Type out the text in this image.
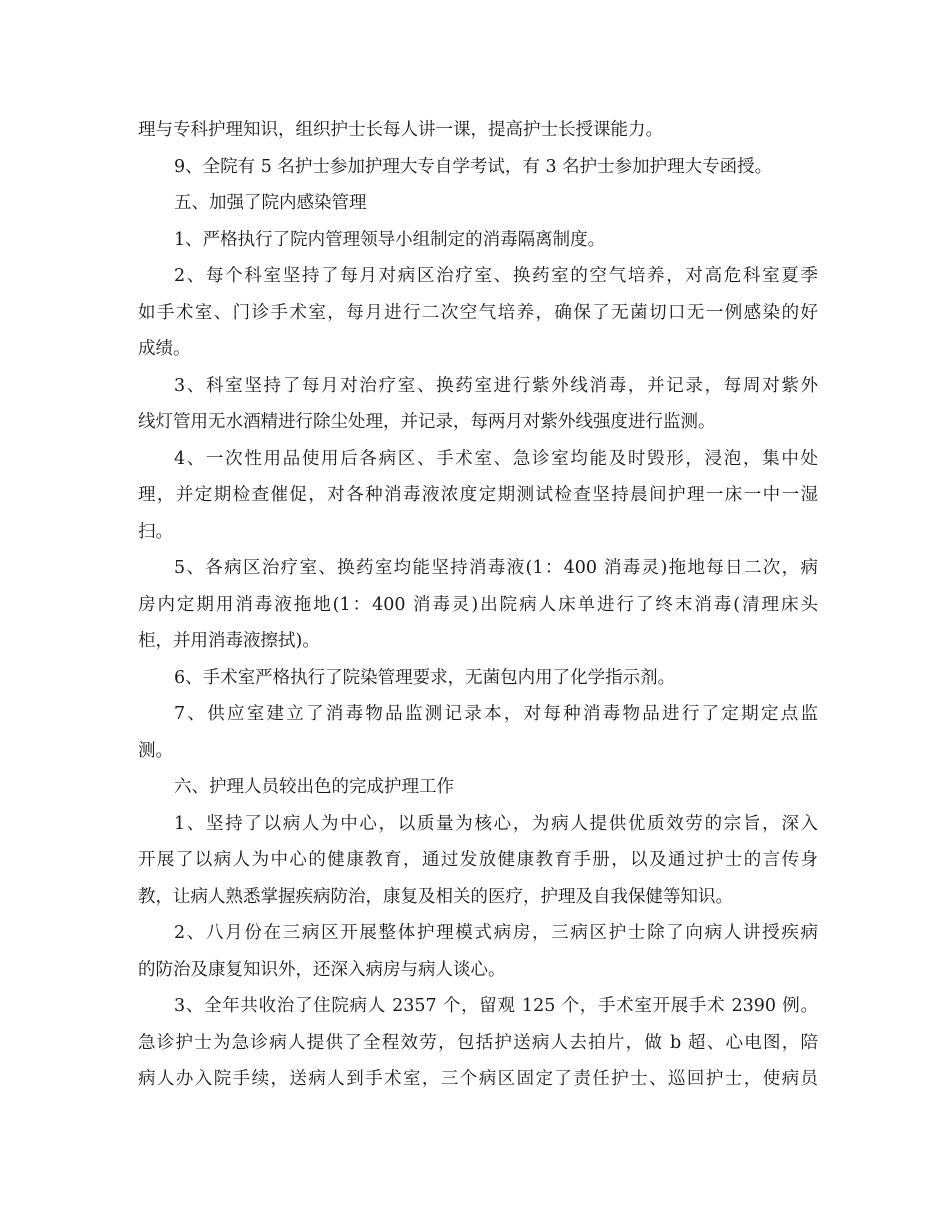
理与专科护理知识，组织护士长每人讲一课，提高护士长授课能力。
9、全院有 5 名护士参加护理大专自学考试，有 3 名护士参加护理大专函授。
五、加强了院内感染管理
1、严格执行了院内管理领导小组制定的消毒隔离制度。
2、每个科室坚持了每月对病区治疗室、换药室的空气培养，对高危科室夏季
如手术室、门诊手术室，每月进行二次空气培养，确保了无菌切口无一例感染的好
成绩。
3、科室坚持了每月对治疗室、换药室进行紫外线消毒，并记录，每周对紫外
线灯管用无水酒精进行除尘处理，并记录，每两月对紫外线强度进行监测。
4、一次性用品使用后各病区、手术室、急诊室均能及时毁形，浸泡，集中处
理，并定期检查催促，对各种消毒液浓度定期测试检查坚持晨间护理一床一中一湿
扫。
5、各病区治疗室、换药室均能坚持消毒液(1：400 消毒灵)拖地每日二次，病
房内定期用消毒液拖地(1：400 消毒灵)出院病人床单进行了终末消毒(清理床头
柜，并用消毒液擦拭)。
6、手术室严格执行了院染管理要求，无菌包内用了化学指示剂。
7、供应室建立了消毒物品监测记录本，对每种消毒物品进行了定期定点监
测。
六、护理人员较出色的完成护理工作
1、坚持了以病人为中心，以质量为核心，为病人提供优质效劳的宗旨，深入
开展了以病人为中心的健康教育，通过发放健康教育手册，以及通过护士的言传身
教，让病人熟悉掌握疾病防治，康复及相关的医疗，护理及自我保健等知识。
2、八月份在三病区开展整体护理模式病房，三病区护士除了向病人讲授疾病
的防治及康复知识外，还深入病房与病人谈心。
3、全年共收治了住院病人 2357 个，留观 125 个，手术室开展手术 2390 例。
急诊护士为急诊病人提供了全程效劳，包括护送病人去拍片，做 b 超、心电图，陪
病人办入院手续，送病人到手术室，三个病区固定了责任护士、巡回护士，使病员
